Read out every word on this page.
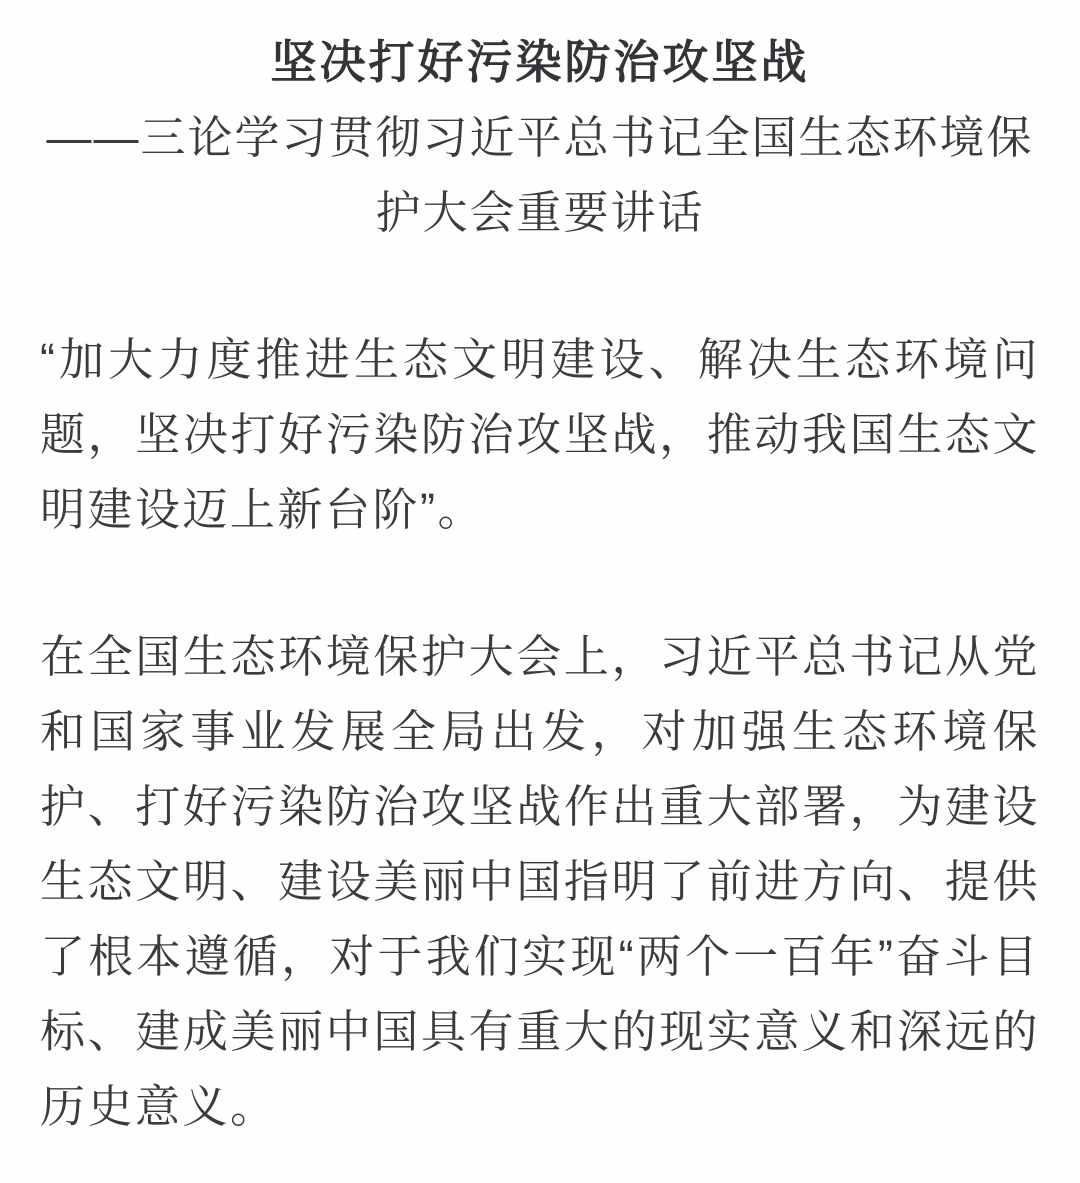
坚决打好污染防治攻坚战
——三论学习贯彻习近平总书记全国生态环境保护大会重要讲话

“加大力度推进生态文明建设、解决生态环境问题，坚决打好污染防治攻坚战，推动我国生态文明建设迈上新台阶”。

在全国生态环境保护大会上，习近平总书记从党和国家事业发展全局出发，对加强生态环境保护、打好污染防治攻坚战作出重大部署，为建设生态文明、建设美丽中国指明了前进方向、提供了根本遵循，对于我们实现“两个一百年”奋斗目标、建成美丽中国具有重大的现实意义和深远的历史意义。
